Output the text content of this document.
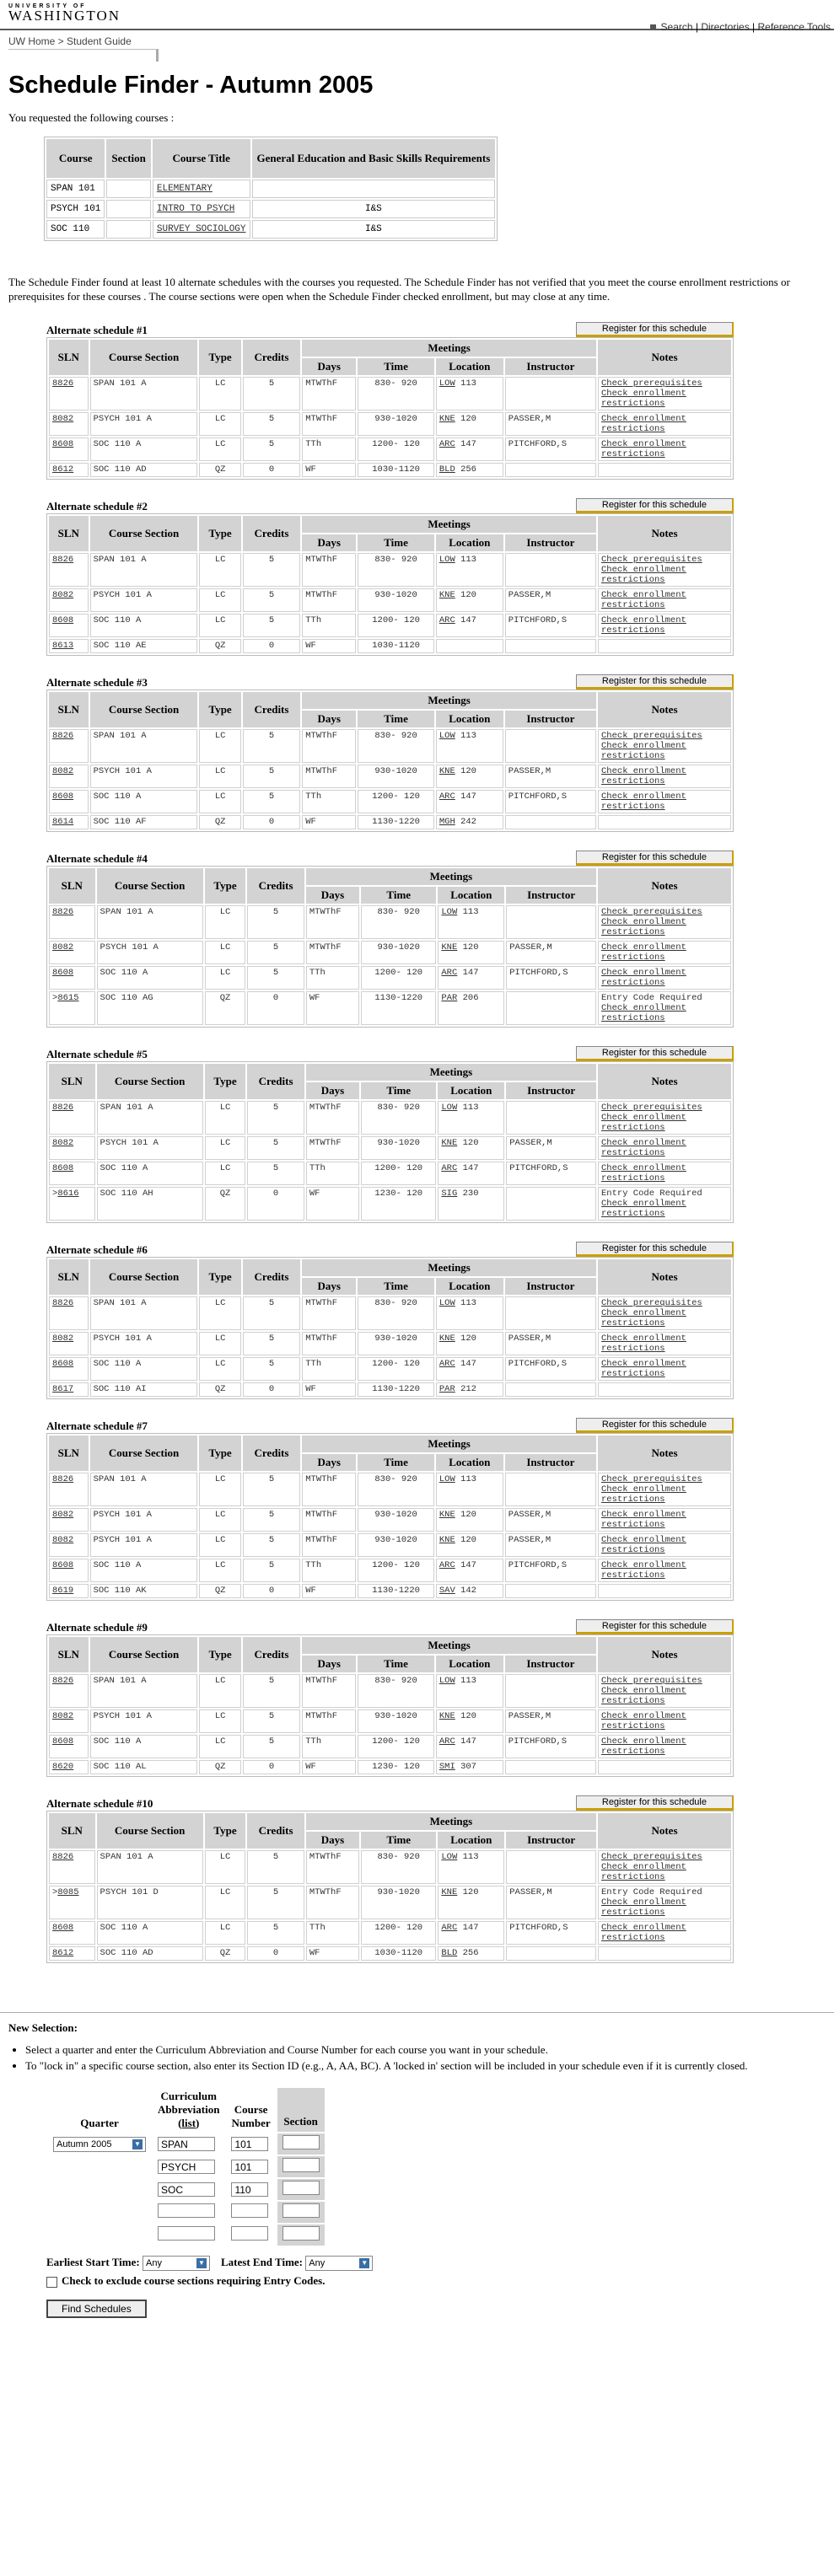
UNIVERSITY OF
WASHINGTON
Search | Directories | Reference Tools
UW Home > Student Guide
Schedule Finder - Autumn 2005
You requested the following courses :
Course	Section	Course Title	General Education and Basic Skills Requirements
SPAN 101		ELEMENTARY	
PSYCH 101		INTRO TO PSYCH	I&S
SOC 110		SURVEY SOCIOLOGY	I&S
The Schedule Finder found at least 10 alternate schedules with the courses you requested. The Schedule Finder has not verified that you meet the course enrollment restrictions or prerequisites for these courses . The course sections were open when the Schedule Finder checked enrollment, but may close at any time.
Alternate schedule #1	Register for this schedule
SLN	Course Section	Type	Credits	Meetings				Notes
				Days	Time	Location	Instructor	
8826	SPAN 101 A	LC	5	MTWThF	830- 920	LOW 113		Check prerequisites
Check enrollment restrictions

8082	PSYCH 101 A	LC	5	MTWThF	930-1020	KNE 120	PASSER,M	Check enrollment restrictions

8608	SOC 110 A	LC	5	TTh	1200- 120	ARC 147	PITCHFORD,S	Check enrollment restrictions

8612	SOC 110 AD	QZ	0	WF	1030-1120	BLD 256		
Alternate schedule #2	Register for this schedule
SLN	Course Section	Type	Credits	Meetings				Notes
				Days	Time	Location	Instructor	
8826	SPAN 101 A	LC	5	MTWThF	830- 920	LOW 113		Check prerequisites
Check enrollment restrictions

8082	PSYCH 101 A	LC	5	MTWThF	930-1020	KNE 120	PASSER,M	Check enrollment restrictions

8608	SOC 110 A	LC	5	TTh	1200- 120	ARC 147	PITCHFORD,S	Check enrollment restrictions

8613	SOC 110 AE	QZ	0	WF	1030-1120			
Alternate schedule #3	Register for this schedule
SLN	Course Section	Type	Credits	Meetings				Notes
				Days	Time	Location	Instructor	
8826	SPAN 101 A	LC	5	MTWThF	830- 920	LOW 113		Check prerequisites
Check enrollment restrictions

8082	PSYCH 101 A	LC	5	MTWThF	930-1020	KNE 120	PASSER,M	Check enrollment restrictions

8608	SOC 110 A	LC	5	TTh	1200- 120	ARC 147	PITCHFORD,S	Check enrollment restrictions

8614	SOC 110 AF	QZ	0	WF	1130-1220	MGH 242		
Alternate schedule #4	Register for this schedule
SLN	Course Section	Type	Credits	Meetings				Notes
				Days	Time	Location	Instructor	
8826	SPAN 101 A	LC	5	MTWThF	830- 920	LOW 113		Check prerequisites
Check enrollment restrictions

8082	PSYCH 101 A	LC	5	MTWThF	930-1020	KNE 120	PASSER,M	Check enrollment restrictions

8608	SOC 110 A	LC	5	TTh	1200- 120	ARC 147	PITCHFORD,S	Check enrollment restrictions

>8615	SOC 110 AG	QZ	0	WF	1130-1220	PAR 206		Entry Code Required
Check enrollment restrictions
Alternate schedule #5	Register for this schedule
SLN	Course Section	Type	Credits	Meetings				Notes
				Days	Time	Location	Instructor	
8826	SPAN 101 A	LC	5	MTWThF	830- 920	LOW 113		Check prerequisites
Check enrollment restrictions

8082	PSYCH 101 A	LC	5	MTWThF	930-1020	KNE 120	PASSER,M	Check enrollment restrictions

8608	SOC 110 A	LC	5	TTh	1200- 120	ARC 147	PITCHFORD,S	Check enrollment restrictions

>8616	SOC 110 AH	QZ	0	WF	1230- 120	SIG 230		Entry Code Required
Check enrollment restrictions
Alternate schedule #6	Register for this schedule
SLN	Course Section	Type	Credits	Meetings				Notes
				Days	Time	Location	Instructor	
8826	SPAN 101 A	LC	5	MTWThF	830- 920	LOW 113		Check prerequisites
Check enrollment restrictions

8082	PSYCH 101 A	LC	5	MTWThF	930-1020	KNE 120	PASSER,M	Check enrollment restrictions

8608	SOC 110 A	LC	5	TTh	1200- 120	ARC 147	PITCHFORD,S	Check enrollment restrictions

8617	SOC 110 AI	QZ	0	WF	1130-1220	PAR 212		
Alternate schedule #7	Register for this schedule
SLN	Course Section	Type	Credits	Meetings				Notes
				Days	Time	Location	Instructor	
8826	SPAN 101 A	LC	5	MTWThF	830- 920	LOW 113		Check prerequisites
Check enrollment restrictions

8082	PSYCH 101 A	LC	5	MTWThF	930-1020	KNE 120	PASSER,M	Check enrollment restrictions

8082	PSYCH 101 A	LC	5	MTWThF	930-1020	KNE 120	PASSER,M	Check enrollment restrictions

8608	SOC 110 A	LC	5	TTh	1200- 120	ARC 147	PITCHFORD,S	Check enrollment restrictions

8619	SOC 110 AK	QZ	0	WF	1130-1220	SAV 142		
Alternate schedule #9	Register for this schedule
SLN	Course Section	Type	Credits	Meetings				Notes
				Days	Time	Location	Instructor	
8826	SPAN 101 A	LC	5	MTWThF	830- 920	LOW 113		Check prerequisites
Check enrollment restrictions

8082	PSYCH 101 A	LC	5	MTWThF	930-1020	KNE 120	PASSER,M	Check enrollment restrictions

8608	SOC 110 A	LC	5	TTh	1200- 120	ARC 147	PITCHFORD,S	Check enrollment restrictions

8620	SOC 110 AL	QZ	0	WF	1230- 120	SMI 307		
Alternate schedule #10	Register for this schedule
SLN	Course Section	Type	Credits	Meetings				Notes
				Days	Time	Location	Instructor	
8826	SPAN 101 A	LC	5	MTWThF	830- 920	LOW 113		Check prerequisites
Check enrollment restrictions

>8085	PSYCH 101 D	LC	5	MTWThF	930-1020	KNE 120	PASSER,M	Entry Code Required
Check enrollment restrictions

8608	SOC 110 A	LC	5	TTh	1200- 120	ARC 147	PITCHFORD,S	Check enrollment restrictions

8612	SOC 110 AD	QZ	0	WF	1030-1120	BLD 256		
New Selection:
• Select a quarter and enter the Curriculum Abbreviation and Course Number for each course you want in your schedule.
• To "lock in" a specific course section, also enter its Section ID (e.g., A, AA, BC). A 'locked in' section will be included in your schedule even if it is currently closed.
Quarter	Curriculum
Abbreviation
(list)	Course
Number	Section
Autumn 2005 ▼	SPAN	101	
	PSYCH	101	
	SOC	110	

Earliest Start Time: Any	▼ Latest End Time: Any	▼
Check to exclude course sections requiring Entry Codes.
Find Schedules
